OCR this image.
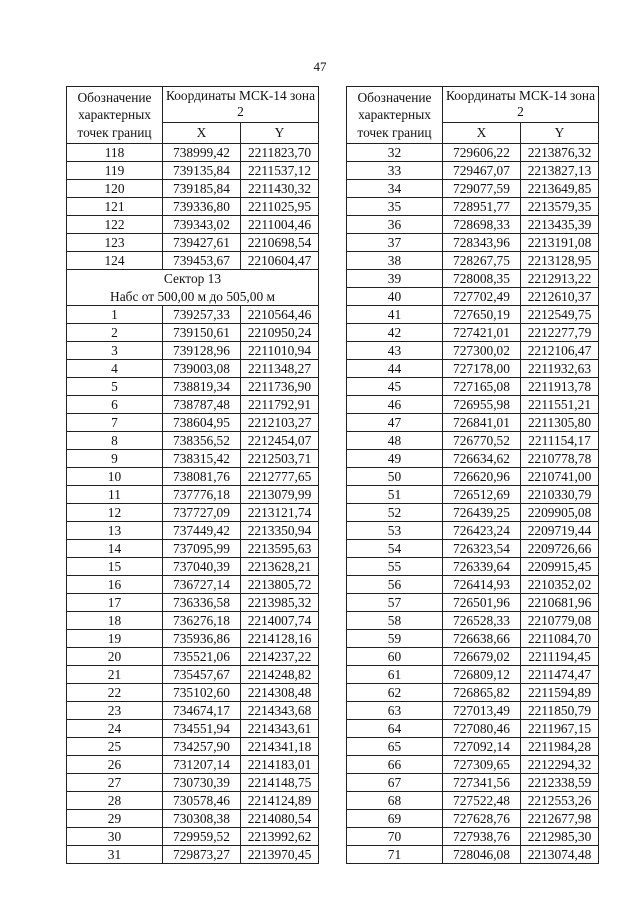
47
Обозначение характерных точек границ	Координаты МСК-14 зона 2	
	X	Y
118	738999,42	2211823,70
119	739135,84	2211537,12
120	739185,84	2211430,32
121	739336,80	2211025,95
122	739343,02	2211004,46
123	739427,61	2210698,54
124	739453,67	2210604,47
Сектор 13
Набс от 500,00 м до 505,00 м		
1	739257,33	2210564,46
2	739150,61	2210950,24
3	739128,96	2211010,94
4	739003,08	2211348,27
5	738819,34	2211736,90
6	738787,48	2211792,91
7	738604,95	2212103,27
8	738356,52	2212454,07
9	738315,42	2212503,71
10	738081,76	2212777,65
11	737776,18	2213079,99
12	737727,09	2213121,74
13	737449,42	2213350,94
14	737095,99	2213595,63
15	737040,39	2213628,21
16	736727,14	2213805,72
17	736336,58	2213985,32
18	736276,18	2214007,74
19	735936,86	2214128,16
20	735521,06	2214237,22
21	735457,67	2214248,82
22	735102,60	2214308,48
23	734674,17	2214343,68
24	734551,94	2214343,61
25	734257,90	2214341,18
26	731207,14	2214183,01
27	730730,39	2214148,75
28	730578,46	2214124,89
29	730308,38	2214080,54
30	729959,52	2213992,62
31	729873,27	2213970,45
Обозначение характерных точек границ	Координаты МСК-14 зона 2	
	X	Y
32	729606,22	2213876,32
33	729467,07	2213827,13
34	729077,59	2213649,85
35	728951,77	2213579,35
36	728698,33	2213435,39
37	728343,96	2213191,08
38	728267,75	2213128,95
39	728008,35	2212913,22
40	727702,49	2212610,37
41	727650,19	2212549,75
42	727421,01	2212277,79
43	727300,02	2212106,47
44	727178,00	2211932,63
45	727165,08	2211913,78
46	726955,98	2211551,21
47	726841,01	2211305,80
48	726770,52	2211154,17
49	726634,62	2210778,78
50	726620,96	2210741,00
51	726512,69	2210330,79
52	726439,25	2209905,08
53	726423,24	2209719,44
54	726323,54	2209726,66
55	726339,64	2209915,45
56	726414,93	2210352,02
57	726501,96	2210681,96
58	726528,33	2210779,08
59	726638,66	2211084,70
60	726679,02	2211194,45
61	726809,12	2211474,47
62	726865,82	2211594,89
63	727013,49	2211850,79
64	727080,46	2211967,15
65	727092,14	2211984,28
66	727309,65	2212294,32
67	727341,56	2212338,59
68	727522,48	2212553,26
69	727628,76	2212677,98
70	727938,76	2212985,30
71	728046,08	2213074,48
